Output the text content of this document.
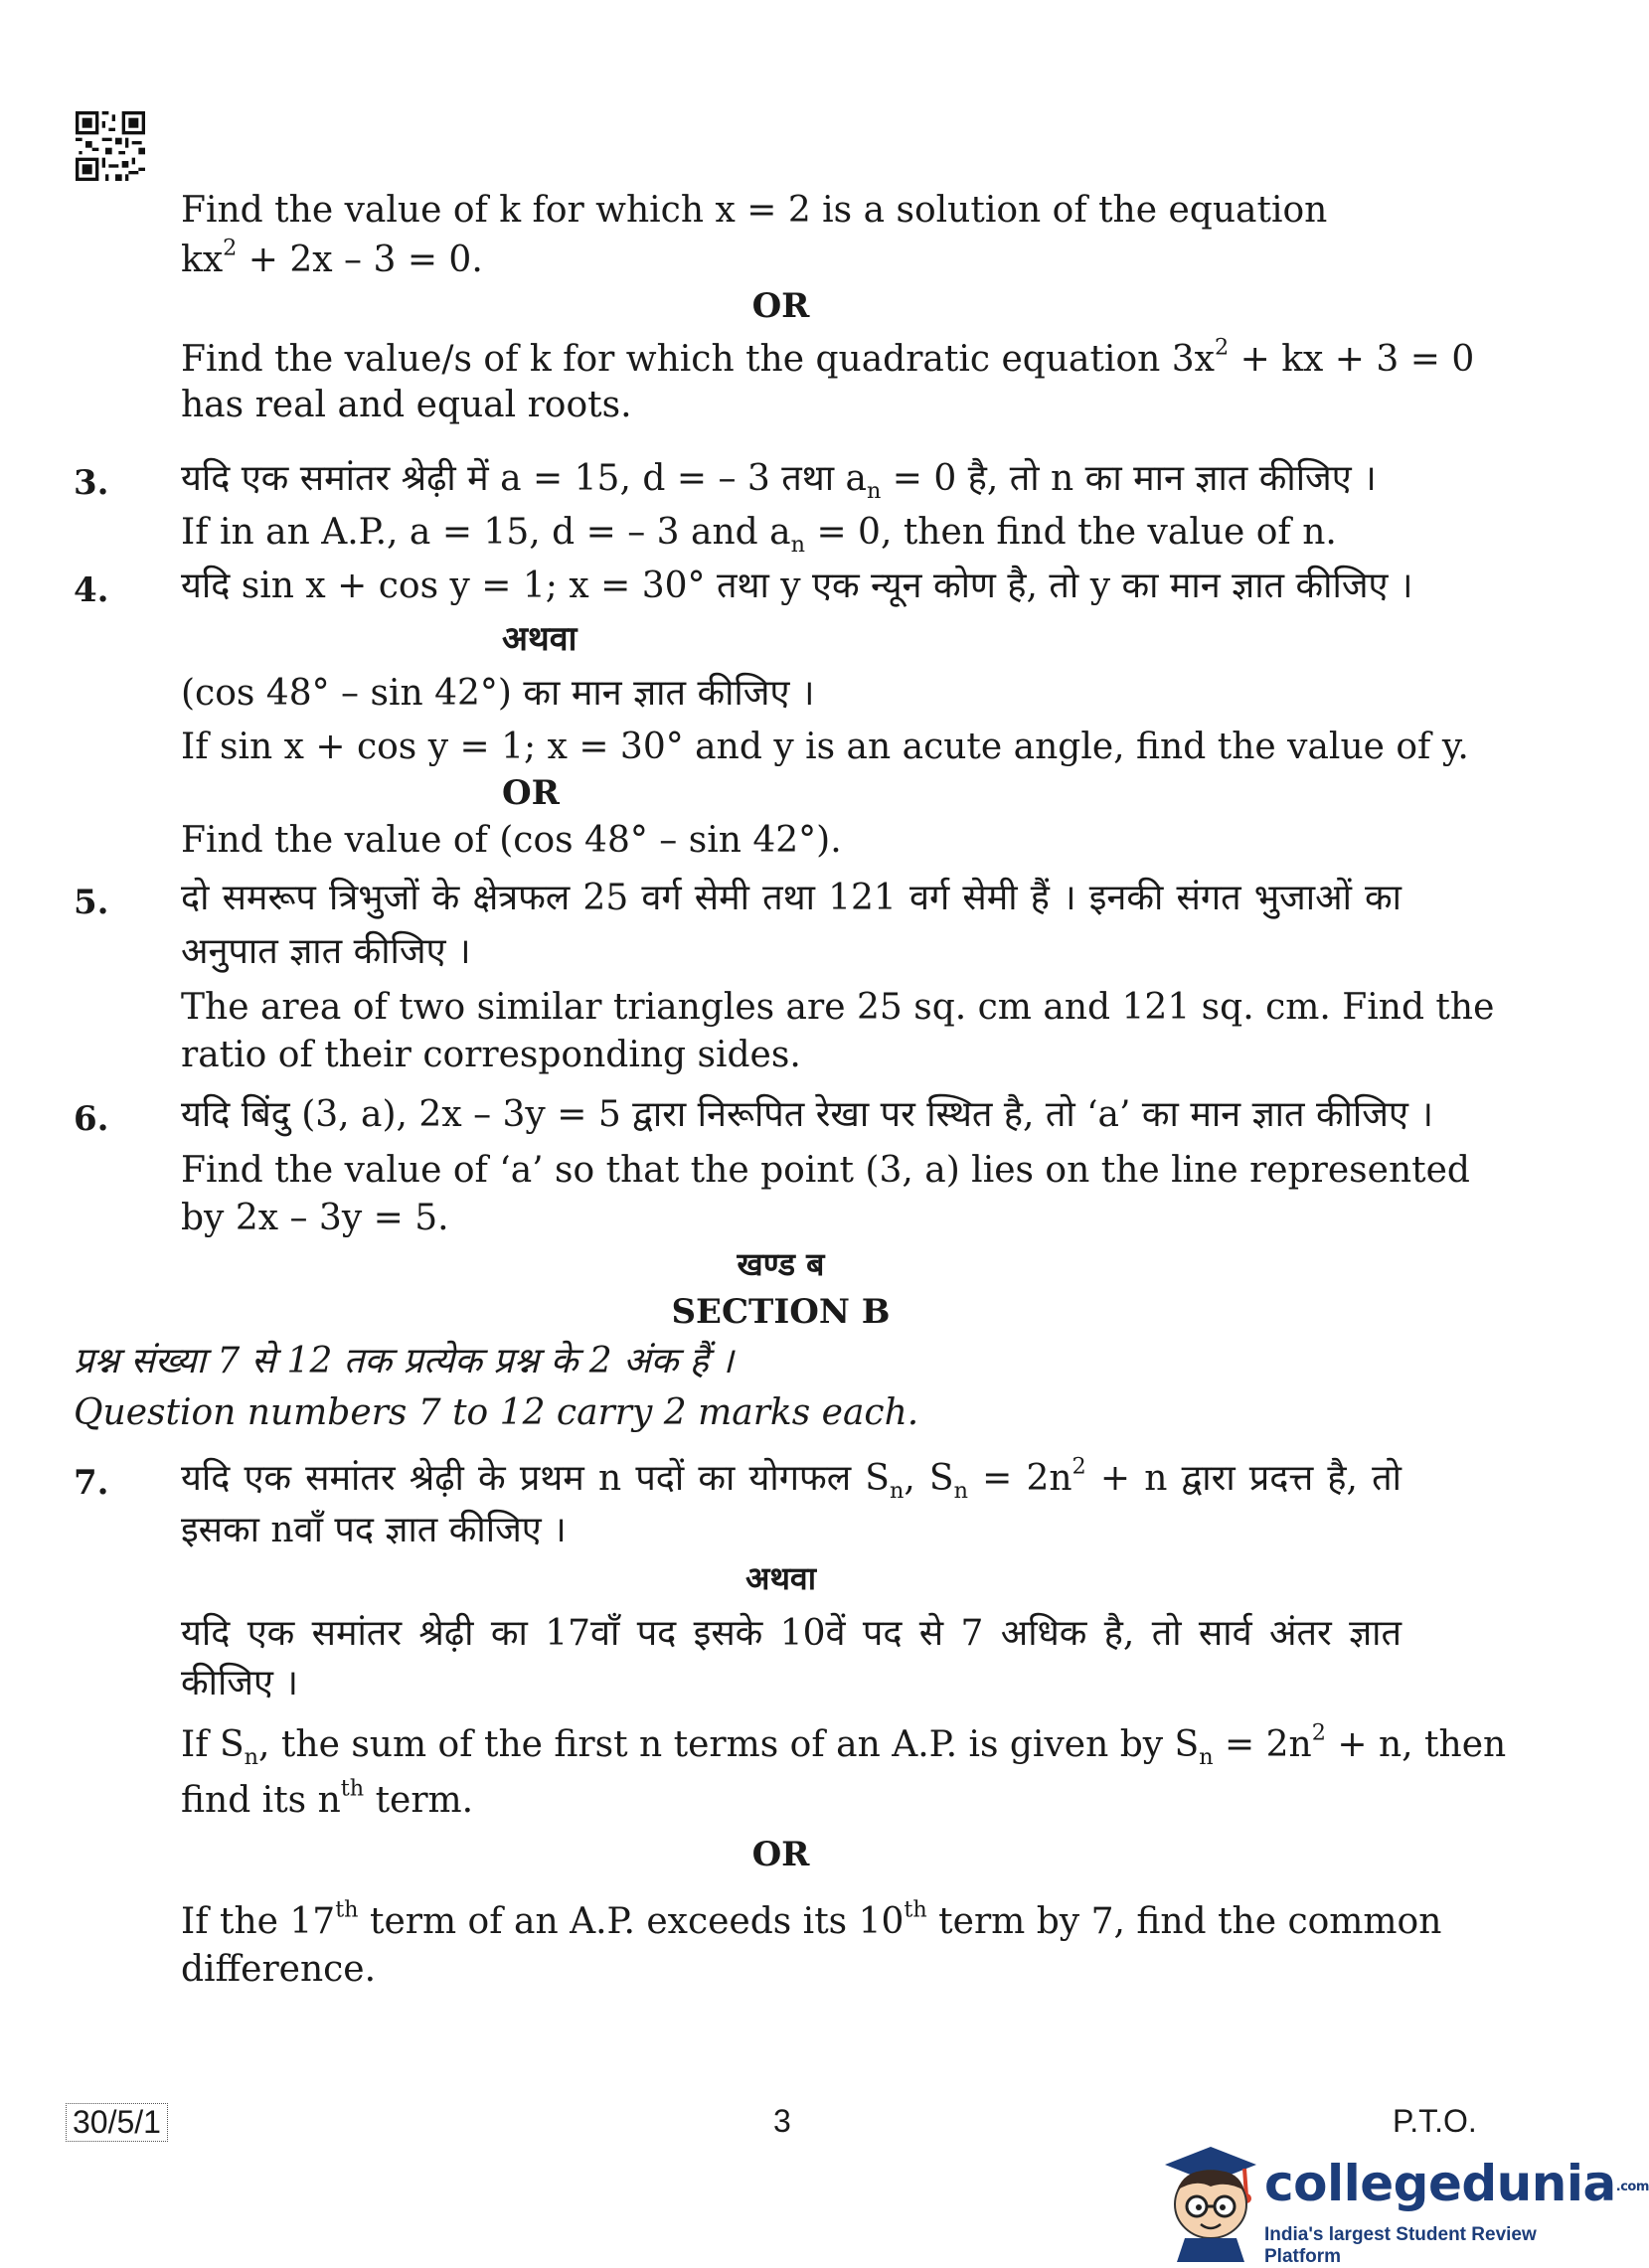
Find the value of k for which x = 2 is a solution of the equation
$kx^2 + 2x - 3 = 0$.
OR
Find the value/s of k for which the quadratic equation $3x^2$ + kx + 3 = 0
has real and equal roots.
3. यदि एक समांतर श्रेढ़ी में a = 15, d = – 3 तथा $a_n = 0$ है, तो n का मान ज्ञात कीजिए ।
If in an A.P., a = 15, d = – 3 and $a_n = 0$, then find the value of n.
4. यदि sin x + cos y = 1; x = 30° तथा y एक न्यून कोण है, तो y का मान ज्ञात कीजिए ।
अथवा
(cos 48° – sin 42°) का मान ज्ञात कीजिए ।
If sin x + cos y = 1; x = 30° and y is an acute angle, find the value of y.
OR
Find the value of (cos 48° – sin 42°).
5. दो समरूप त्रिभुजों के क्षेत्रफल 25 वर्ग सेमी तथा 121 वर्ग सेमी हैं । इनकी संगत भुजाओं का
अनुपात ज्ञात कीजिए ।
The area of two similar triangles are 25 sq. cm and 121 sq. cm. Find the
ratio of their corresponding sides.
6. यदि बिंदु (3, a), 2x – 3y = 5 द्वारा निरूपित रेखा पर स्थित है, तो ‘a’ का मान ज्ञात कीजिए ।
Find the value of ‘a’ so that the point (3, a) lies on the line represented
by 2x – 3y = 5.
खण्ड ब
SECTION B
प्रश्न संख्या 7 से 12 तक प्रत्येक प्रश्न के 2 अंक हैं ।
Question numbers 7 to 12 carry 2 marks each.
7. यदि एक समांतर श्रेढ़ी के प्रथम n पदों का योगफल $S_n$, $S_n = 2n^2 + n$ द्वारा प्रदत्त है, तो
इसका nवाँ पद ज्ञात कीजिए ।
अथवा
यदि एक समांतर श्रेढ़ी का 17वाँ पद इसके 10वें पद से 7 अधिक है, तो सार्व अंतर ज्ञात
कीजिए ।
If $S_n$, the sum of the first n terms of an A.P. is given by $S_n = 2n^2 + n$, then
find its $n^{th}$ term.
OR
If the 17th term of an A.P. exceeds its 10th term by 7, find the common
difference.
30/5/1	3	P.T.O.
collegedunia.com
India's largest Student Review Platform
